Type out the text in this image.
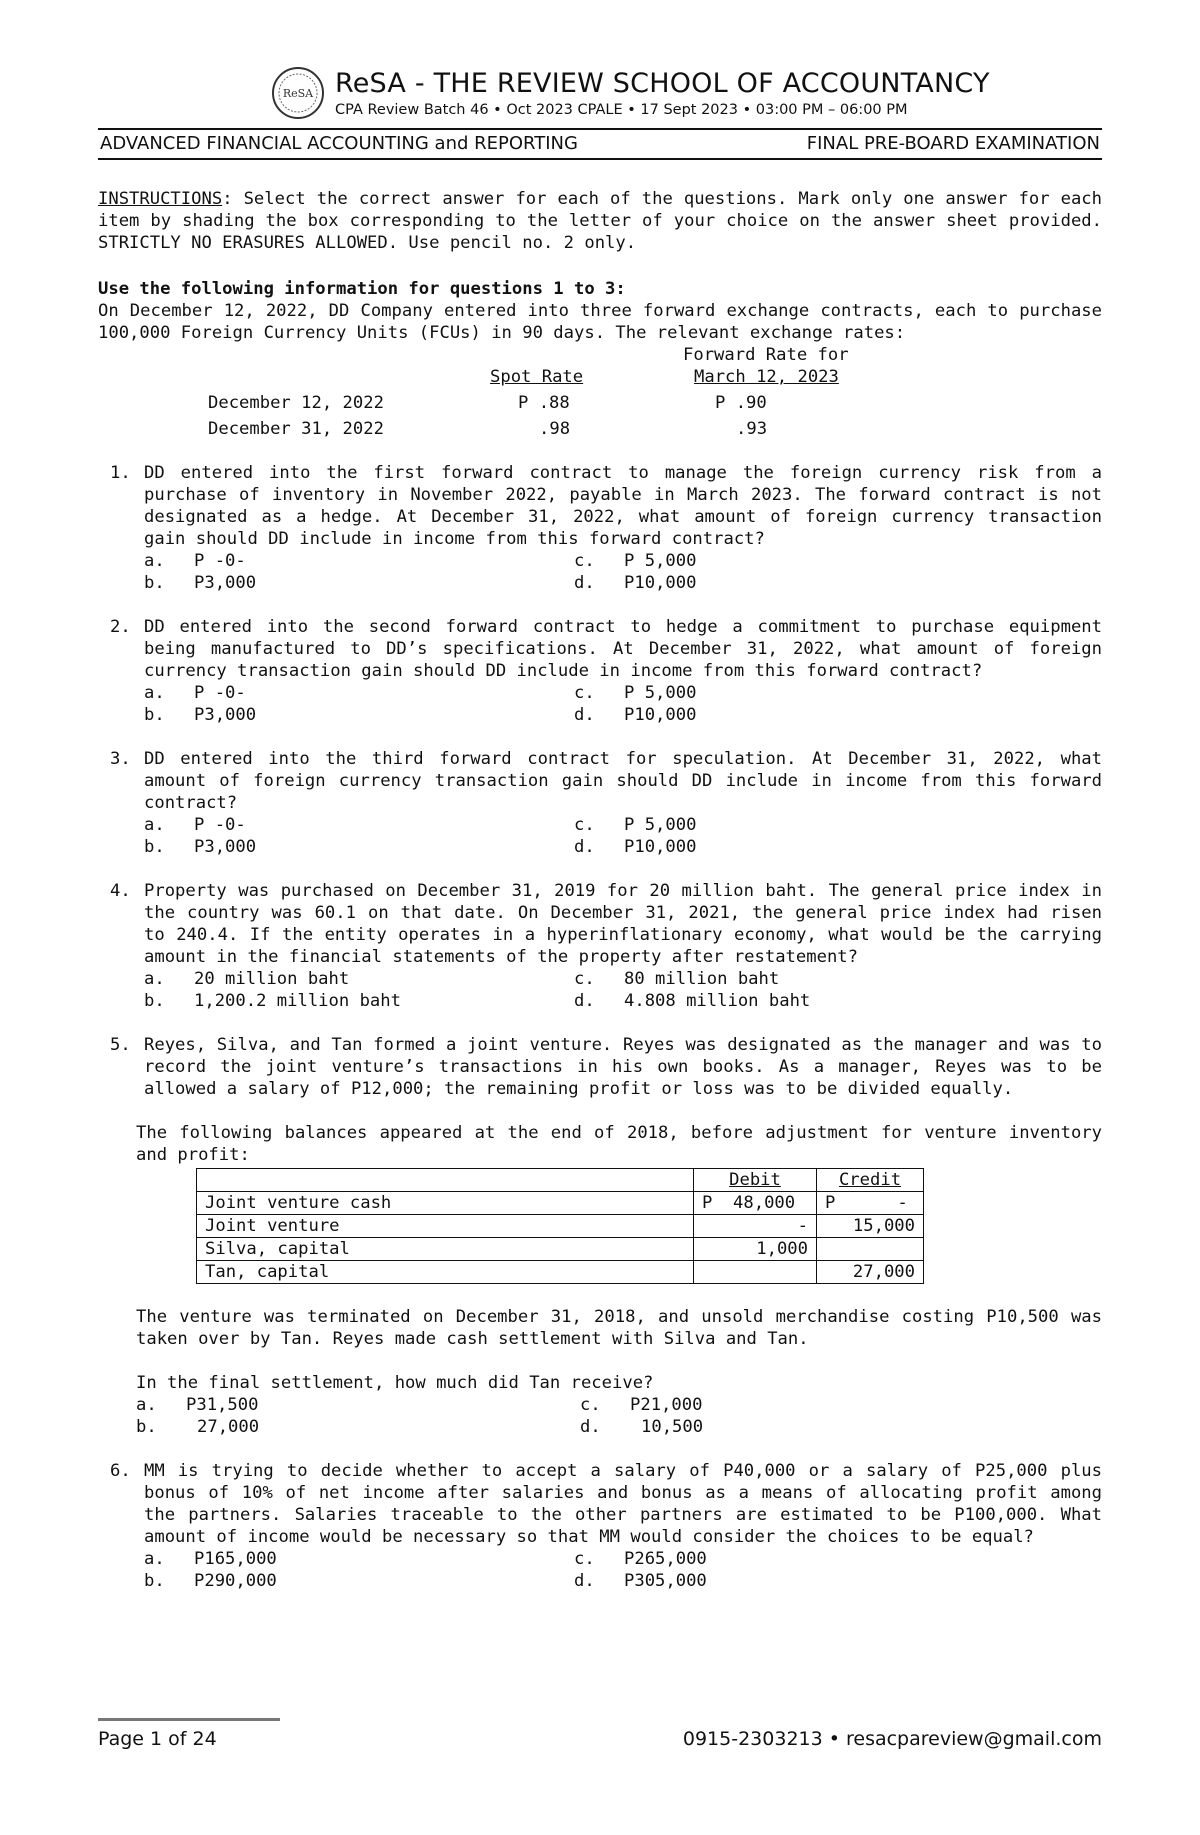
ReSA ReSA - THE REVIEW SCHOOL OF ACCOUNTANCY
CPA Review Batch 46 • Oct 2023 CPALE • 17 Sept 2023 • 03:00 PM – 06:00 PM
ADVANCED FINANCIAL ACCOUNTING and REPORTING	FINAL PRE-BOARD EXAMINATION

INSTRUCTIONS: Select the correct answer for each of the questions. Mark only one answer for each item by shading the box corresponding to the letter of your choice on the answer sheet provided. STRICTLY NO ERASURES ALLOWED. Use pencil no. 2 only.

Use the following information for questions 1 to 3:

On December 12, 2022, DD Company entered into three forward exchange contracts, each to purchase 100,000 Foreign Currency Units (FCUs) in 90 days. The relevant exchange rates:

Forward Rate for
Spot Rate	March 12, 2023
December 12, 2022	P .88	P .90
December 31, 2022	.98	.93
1. DD entered into the first forward contract to manage the foreign currency risk from a purchase of inventory in November 2022, payable in March 2023. The forward contract is not designated as a hedge. At December 31, 2022, what amount of foreign currency transaction gain should DD include in income from this forward contract?

a.	P -0-	c.	P 5,000
b.	P3,000	d.	P10,000
2. DD entered into the second forward contract to hedge a commitment to purchase equipment being manufactured to DD’s specifications. At December 31, 2022, what amount of foreign currency transaction gain should DD include in income from this forward contract?

a.	P -0-	c.	P 5,000
b.	P3,000	d.	P10,000
3. DD entered into the third forward contract for speculation. At December 31, 2022, what amount of foreign currency transaction gain should DD include in income from this forward contract?

a.	P -0-	c.	P 5,000
b.	P3,000	d.	P10,000
4. Property was purchased on December 31, 2019 for 20 million baht. The general price index in the country was 60.1 on that date. On December 31, 2021, the general price index had risen to 240.4. If the entity operates in a hyperinflationary economy, what would be the carrying amount in the financial statements of the property after restatement?

a.	20 million baht	c.	80 million baht
b.	1,200.2 million baht	d.	4.808 million baht
5. Reyes, Silva, and Tan formed a joint venture. Reyes was designated as the manager and was to record the joint venture’s transactions in his own books. As a manager, Reyes was to be allowed a salary of P12,000; the remaining profit or loss was to be divided equally.

The following balances appeared at the end of 2018, before adjustment for venture inventory and profit:

	Debit	Credit
Joint venture cash	P  48,000	P      -
Joint venture	-	15,000
Silva, capital	1,000	
Tan, capital		27,000

The venture was terminated on December 31, 2018, and unsold merchandise costing P10,500 was taken over by Tan. Reyes made cash settlement with Silva and Tan.

In the final settlement, how much did Tan receive?

a.	P31,500	c.	P21,000
b.	27,000	d.	10,500
6. MM is trying to decide whether to accept a salary of P40,000 or a salary of P25,000 plus bonus of 10% of net income after salaries and bonus as a means of allocating profit among the partners. Salaries traceable to the other partners are estimated to be P100,000. What amount of income would be necessary so that MM would consider the choices to be equal?

a.	P165,000	c.	P265,000
b.	P290,000	d.	P305,000
Page 1 of 24	0915-2303213 • resacpareview@gmail.com
